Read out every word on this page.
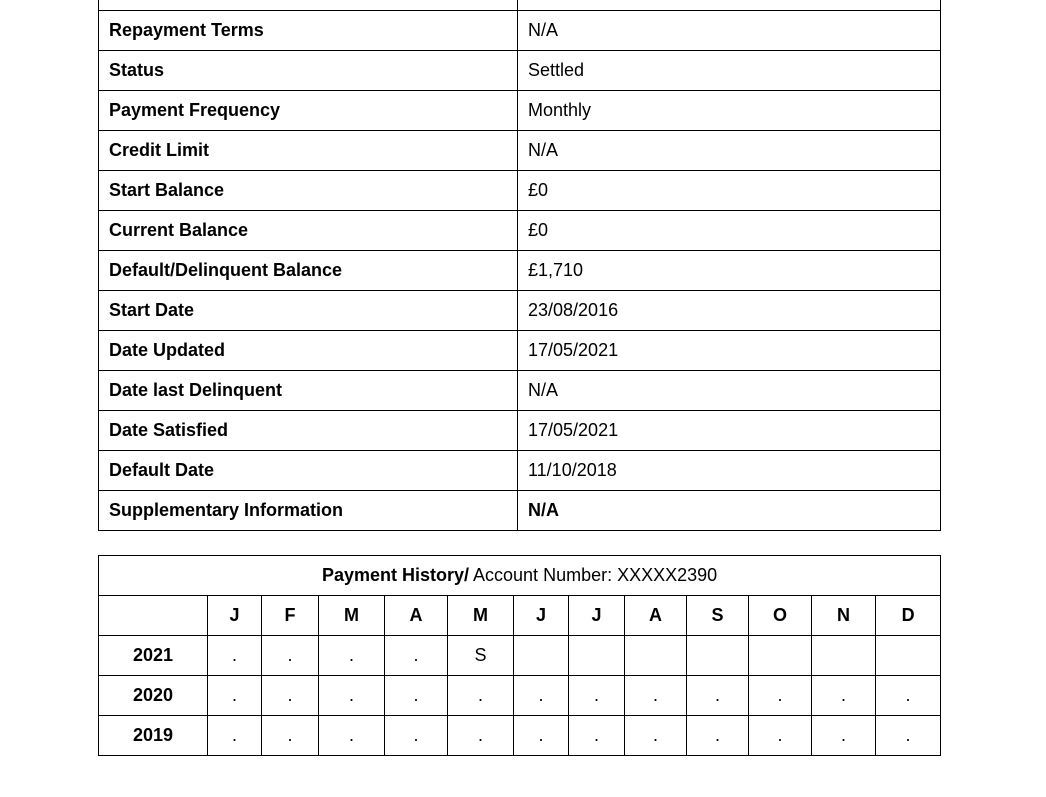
Repayment Terms	N/A
Status	Settled
Payment Frequency	Monthly
Credit Limit	N/A
Start Balance	£0
Current Balance	£0
Default/Delinquent Balance	£1,710
Start Date	23/08/2016
Date Updated	17/05/2021
Date last Delinquent	N/A
Date Satisfied	17/05/2021
Default Date	11/10/2018
Supplementary Information	N/A
Payment History/ Account Number: XXXXX2390												
	J	F	M	A	M	J	J	A	S	O	N	D
2021	.	.	.	.	S							
2020	.	.	.	.	.	.	.	.	.	.	.	.
2019	.	.	.	.	.	.	.	.	.	.	.	.
